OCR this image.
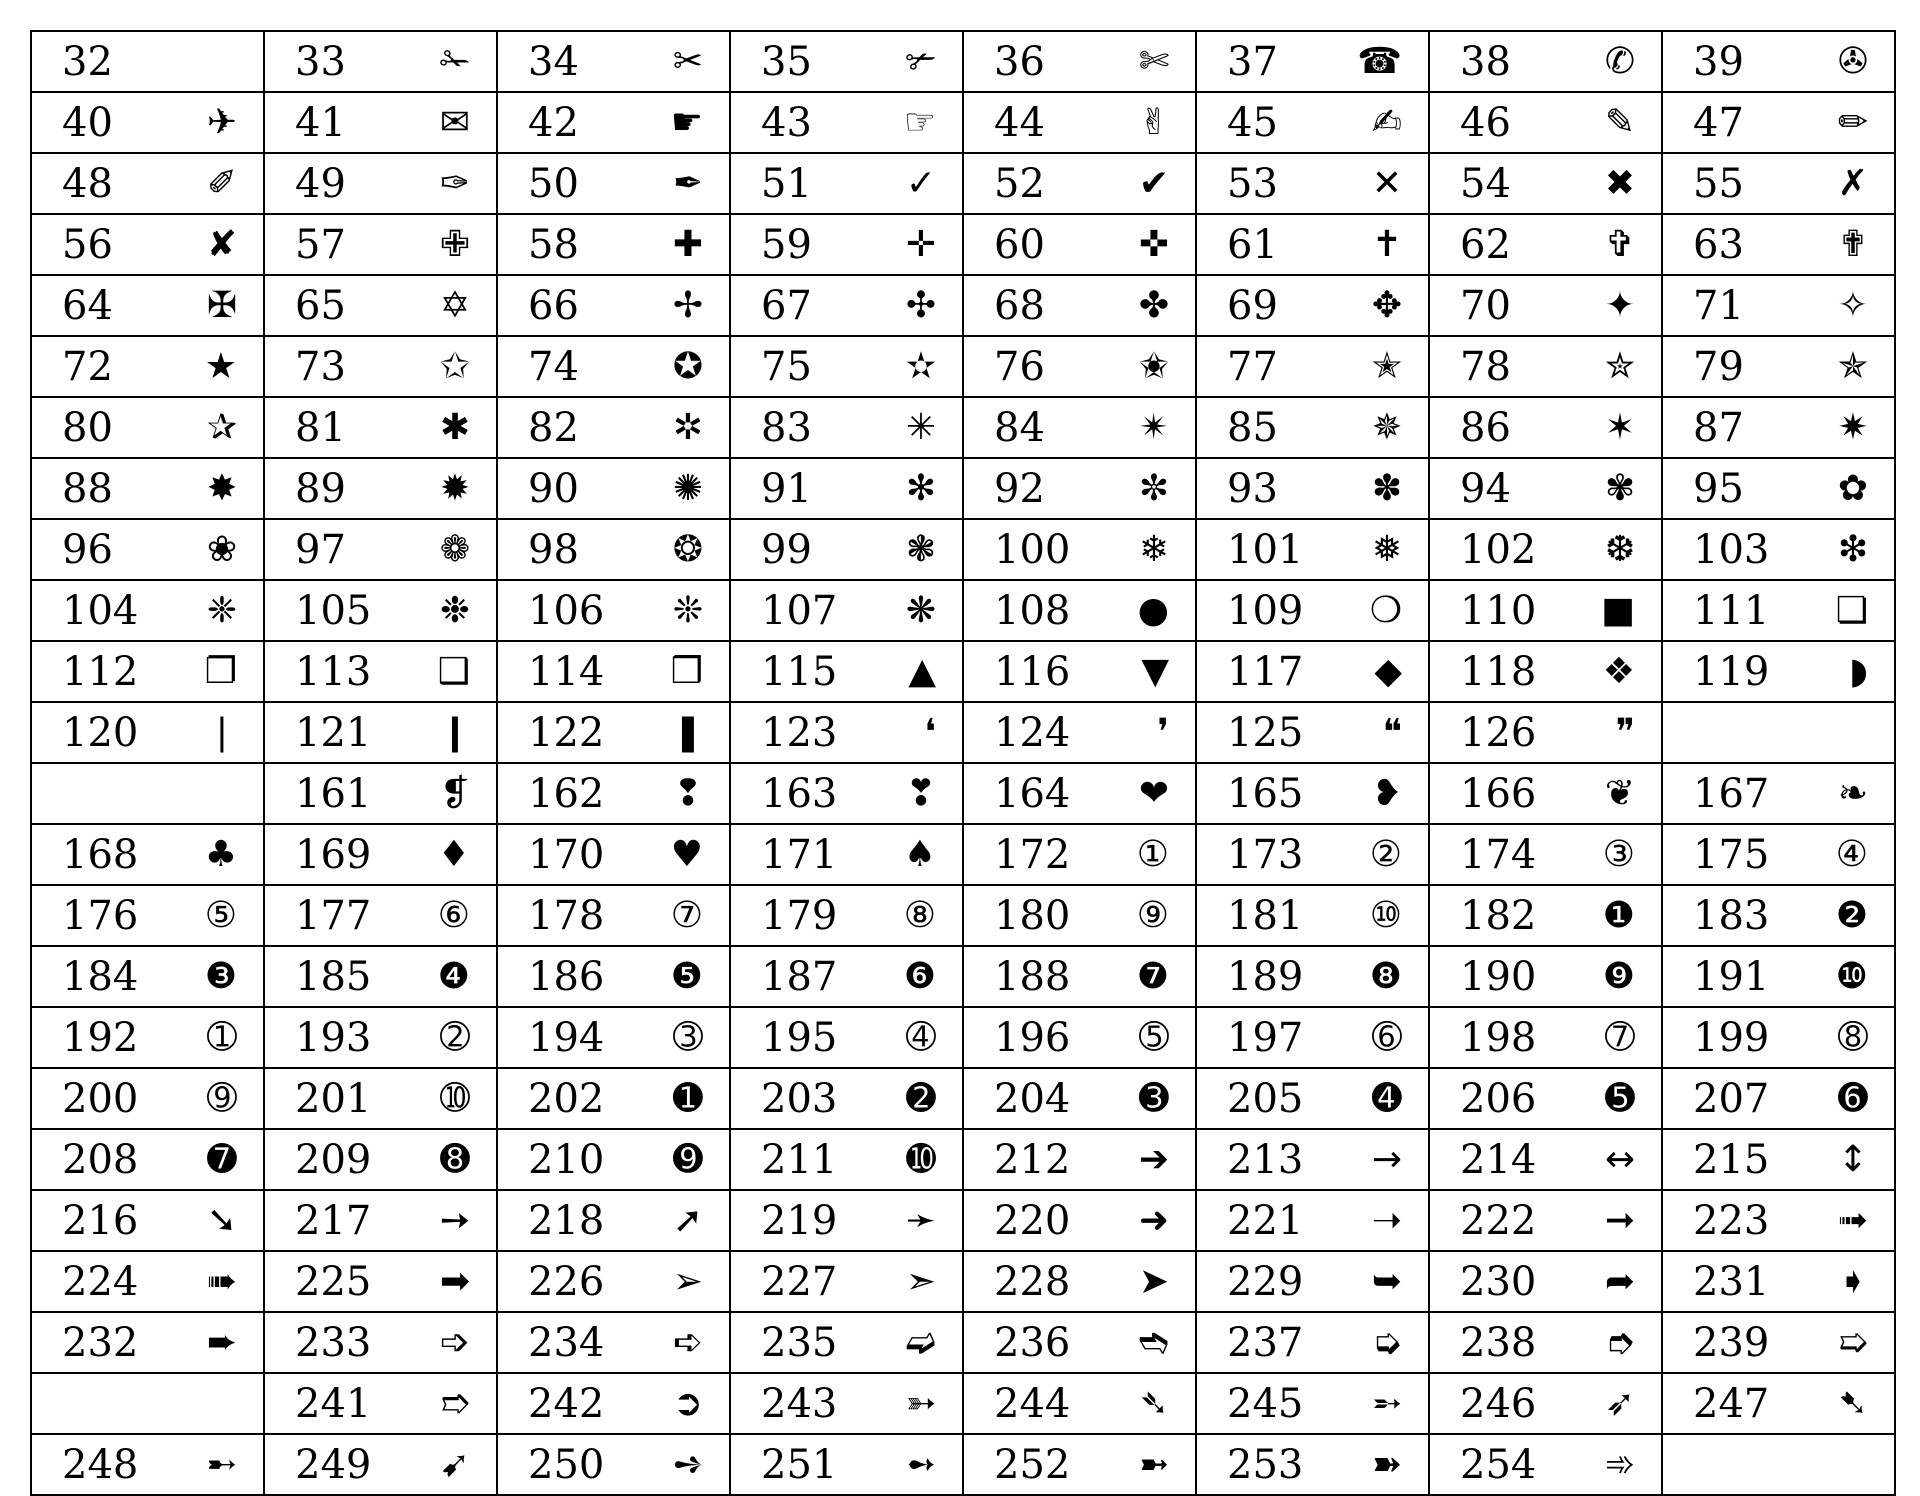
32	33 ✁	34 ✂	35 ✃	36 ✄	37 ☎	38 ✆	39 ✇

40 ✈	41 ✉	42 ☛	43 ☞	44 ✌	45 ✍	46 ✎	47 ✏

48 ✐	49 ✑	50 ✒	51 ✓	52 ✔	53 ✕	54 ✖	55 ✗

56 ✘	57 ✙	58 ✚	59 ✛	60 ✜	61 ✝	62 ✞	63 ✟

64 ✠	65 ✡	66 ✢	67 ✣	68 ✤	69 ✥	70 ✦	71 ✧

72 ★	73 ✩	74 ✪	75 ✫	76 ✬	77 ✭	78 ✮	79 ✯

80 ✰	81 ✱	82 ✲	83 ✳	84 ✴	85 ✵	86 ✶	87 ✷

88 ✸	89 ✹	90 ✺	91 ✻	92 ✼	93 ✽	94 ✾	95 ✿

96 ❀	97 ❁	98 ❂	99 ❃	100 ❄	101 ❅	102 ❆	103 ❇

104 ❈	105 ❉	106 ❊	107 ❋	108 ●	109 ❍	110 ■	111 ❏

112 ❐	113 ❑	114 ❒	115 ▲	116 ▼	117 ◆	118 ❖	119 ◗

120 ❘	121 ❙	122 ❚	123 ❛	124 ❜	125 ❝	126 ❞	

	161 ❡	162 ❢	163 ❣	164 ❤	165 ❥	166 ❦	167 ❧

168 ♣	169 ♦	170 ♥	171 ♠	172 ①	173 ②	174 ③	175 ④

176 ⑤	177 ⑥	178 ⑦	179 ⑧	180 ⑨	181 ⑩	182 ❶	183 ❷

184 ❸	185 ❹	186 ❺	187 ❻	188 ❼	189 ❽	190 ❾	191 ❿

192 ➀	193 ➁	194 ➂	195 ➃	196 ➄	197 ➅	198 ➆	199 ➇

200 ➈	201 ➉	202 ➊	203 ➋	204 ➌	205 ➍	206 ➎	207 ➏

208 ➐	209 ➑	210 ➒	211 ➓	212 ➔	213 →	214 ↔	215 ↕

216 ➘	217 ➙	218 ➚	219 ➛	220 ➜	221 ➝	222 ➞	223 ➟

224 ➠	225 ➡	226 ➢	227 ➣	228 ➤	229 ➥	230 ➦	231 ➧

232 ➨	233 ➩	234 ➪	235 ➫	236 ➬	237 ➭	238 ➮	239 ➯

	241 ➱	242 ➲	243 ➳	244 ➴	245 ➵	246 ➶	247 ➷

248 ➸	249 ➹	250 ➺	251 ➻	252 ➼	253 ➽	254 ➾	
